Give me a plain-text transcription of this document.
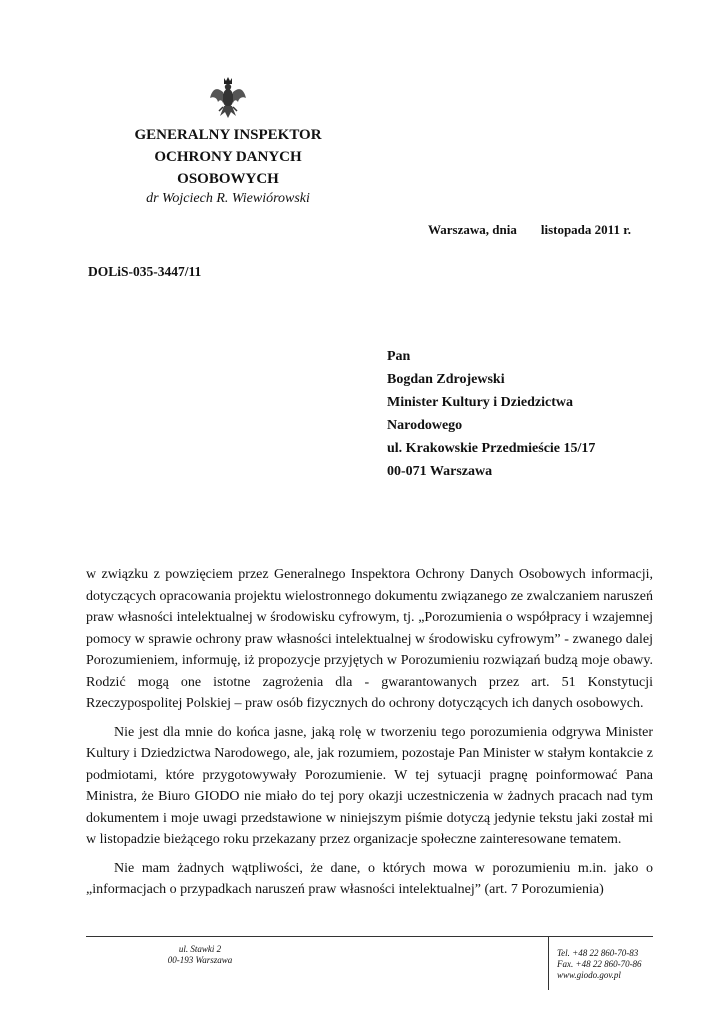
GENERALNY INSPEKTOR
OCHRONY DANYCH
OSOBOWYCH
dr Wojciech R. Wiewiórowski
Warszawa, dnia listopada 2011 r.
DOLiS-035-3447/11
Pan
Bogdan Zdrojewski
Minister Kultury i Dziedzictwa
Narodowego
ul. Krakowskie Przedmieście 15/17
00-071 Warszawa

w związku z powzięciem przez Generalnego Inspektora Ochrony Danych Osobowych informacji, dotyczących opracowania projektu wielostronnego dokumentu związanego ze zwalczaniem naruszeń praw własności intelektualnej w środowisku cyfrowym, tj. „Porozumienia o współpracy i wzajemnej pomocy w sprawie ochrony praw własności intelektualnej w środowisku cyfrowym” - zwanego dalej Porozumieniem, informuję, iż propozycje przyjętych w Porozumieniu rozwiązań budzą moje obawy. Rodzić mogą one istotne zagrożenia dla - gwarantowanych przez art. 51 Konstytucji Rzeczypospolitej Polskiej – praw osób fizycznych do ochrony dotyczących ich danych osobowych.

Nie jest dla mnie do końca jasne, jaką rolę w tworzeniu tego porozumienia odgrywa Minister Kultury i Dziedzictwa Narodowego, ale, jak rozumiem, pozostaje Pan Minister w stałym kontakcie z podmiotami, które przygotowywały Porozumienie. W tej sytuacji pragnę poinformować Pana Ministra, że Biuro GIODO nie miało do tej pory okazji uczestniczenia w żadnych pracach nad tym dokumentem i moje uwagi przedstawione w niniejszym piśmie dotyczą jedynie tekstu jaki został mi w listopadzie bieżącego roku przekazany przez organizacje społeczne zainteresowane tematem.

Nie mam żadnych wątpliwości, że dane, o których mowa w porozumieniu m.in. jako o „informacjach o przypadkach naruszeń praw własności intelektualnej” (art. 7 Porozumienia)

ul. Stawki 2
00-193 Warszawa
Tel. +48 22 860-70-83
Fax. +48 22 860-70-86
www.giodo.gov.pl
